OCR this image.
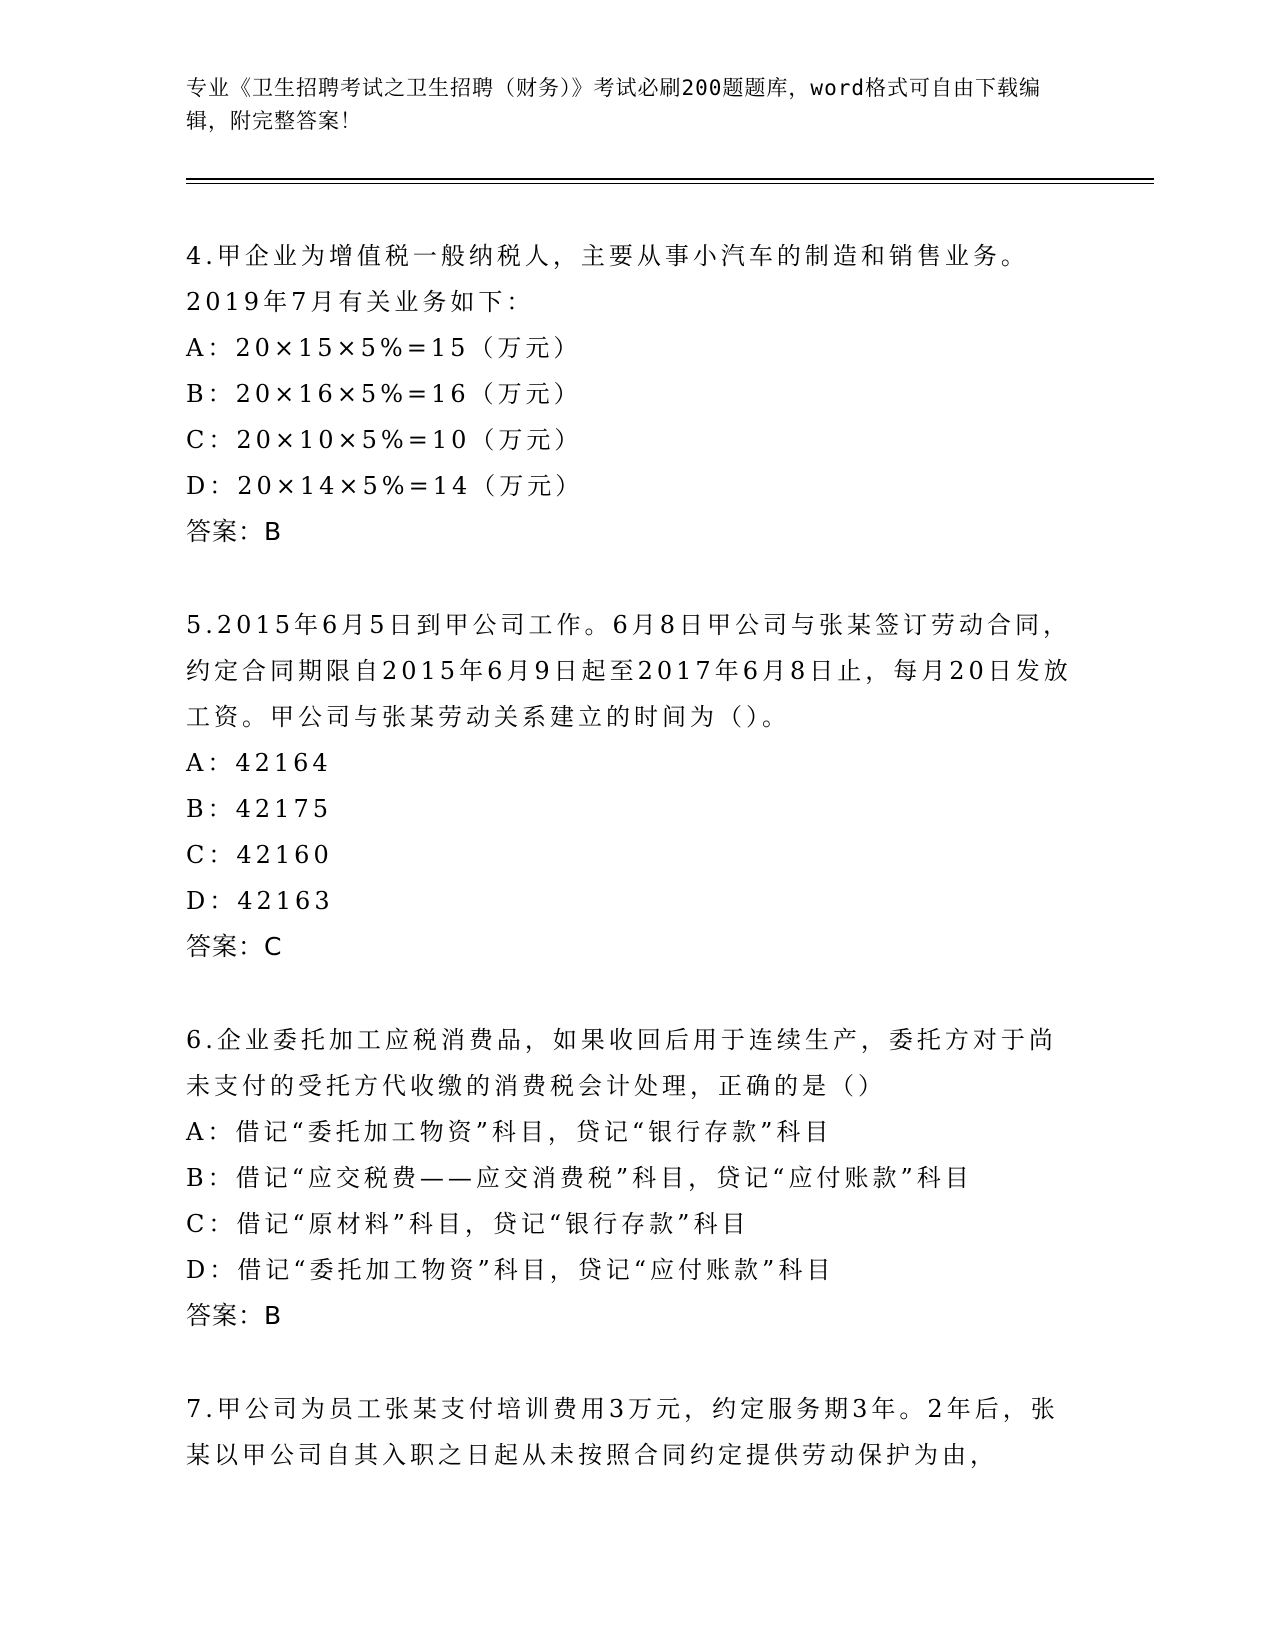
专业《卫生招聘考试之卫生招聘（财务）》考试必刷200题题库，word格式可自由下载编辑，附完整答案！
4.甲企业为增值税一般纳税人，主要从事小汽车的制造和销售业务。2019年7月有关业务如下：
A：20×15×5%=15（万元）
B：20×16×5%=16（万元）
C：20×10×5%=10（万元）
D：20×14×5%=14（万元）
答案：B
5.2015年6月5日到甲公司工作。6月8日甲公司与张某签订劳动合同，约定合同期限自2015年6月9日起至2017年6月8日止，每月20日发放工资。甲公司与张某劳动关系建立的时间为（）。
A：42164
B：42175
C：42160
D：42163
答案：C
6.企业委托加工应税消费品，如果收回后用于连续生产，委托方对于尚未支付的受托方代收缴的消费税会计处理，正确的是（）
A：借记“委托加工物资”科目，贷记“银行存款”科目
B：借记“应交税费——应交消费税”科目，贷记“应付账款”科目
C：借记“原材料”科目，贷记“银行存款”科目
D：借记“委托加工物资”科目，贷记“应付账款”科目
答案：B
7.甲公司为员工张某支付培训费用3万元，约定服务期3年。2年后，张某以甲公司自其入职之日起从未按照合同约定提供劳动保护为由，
